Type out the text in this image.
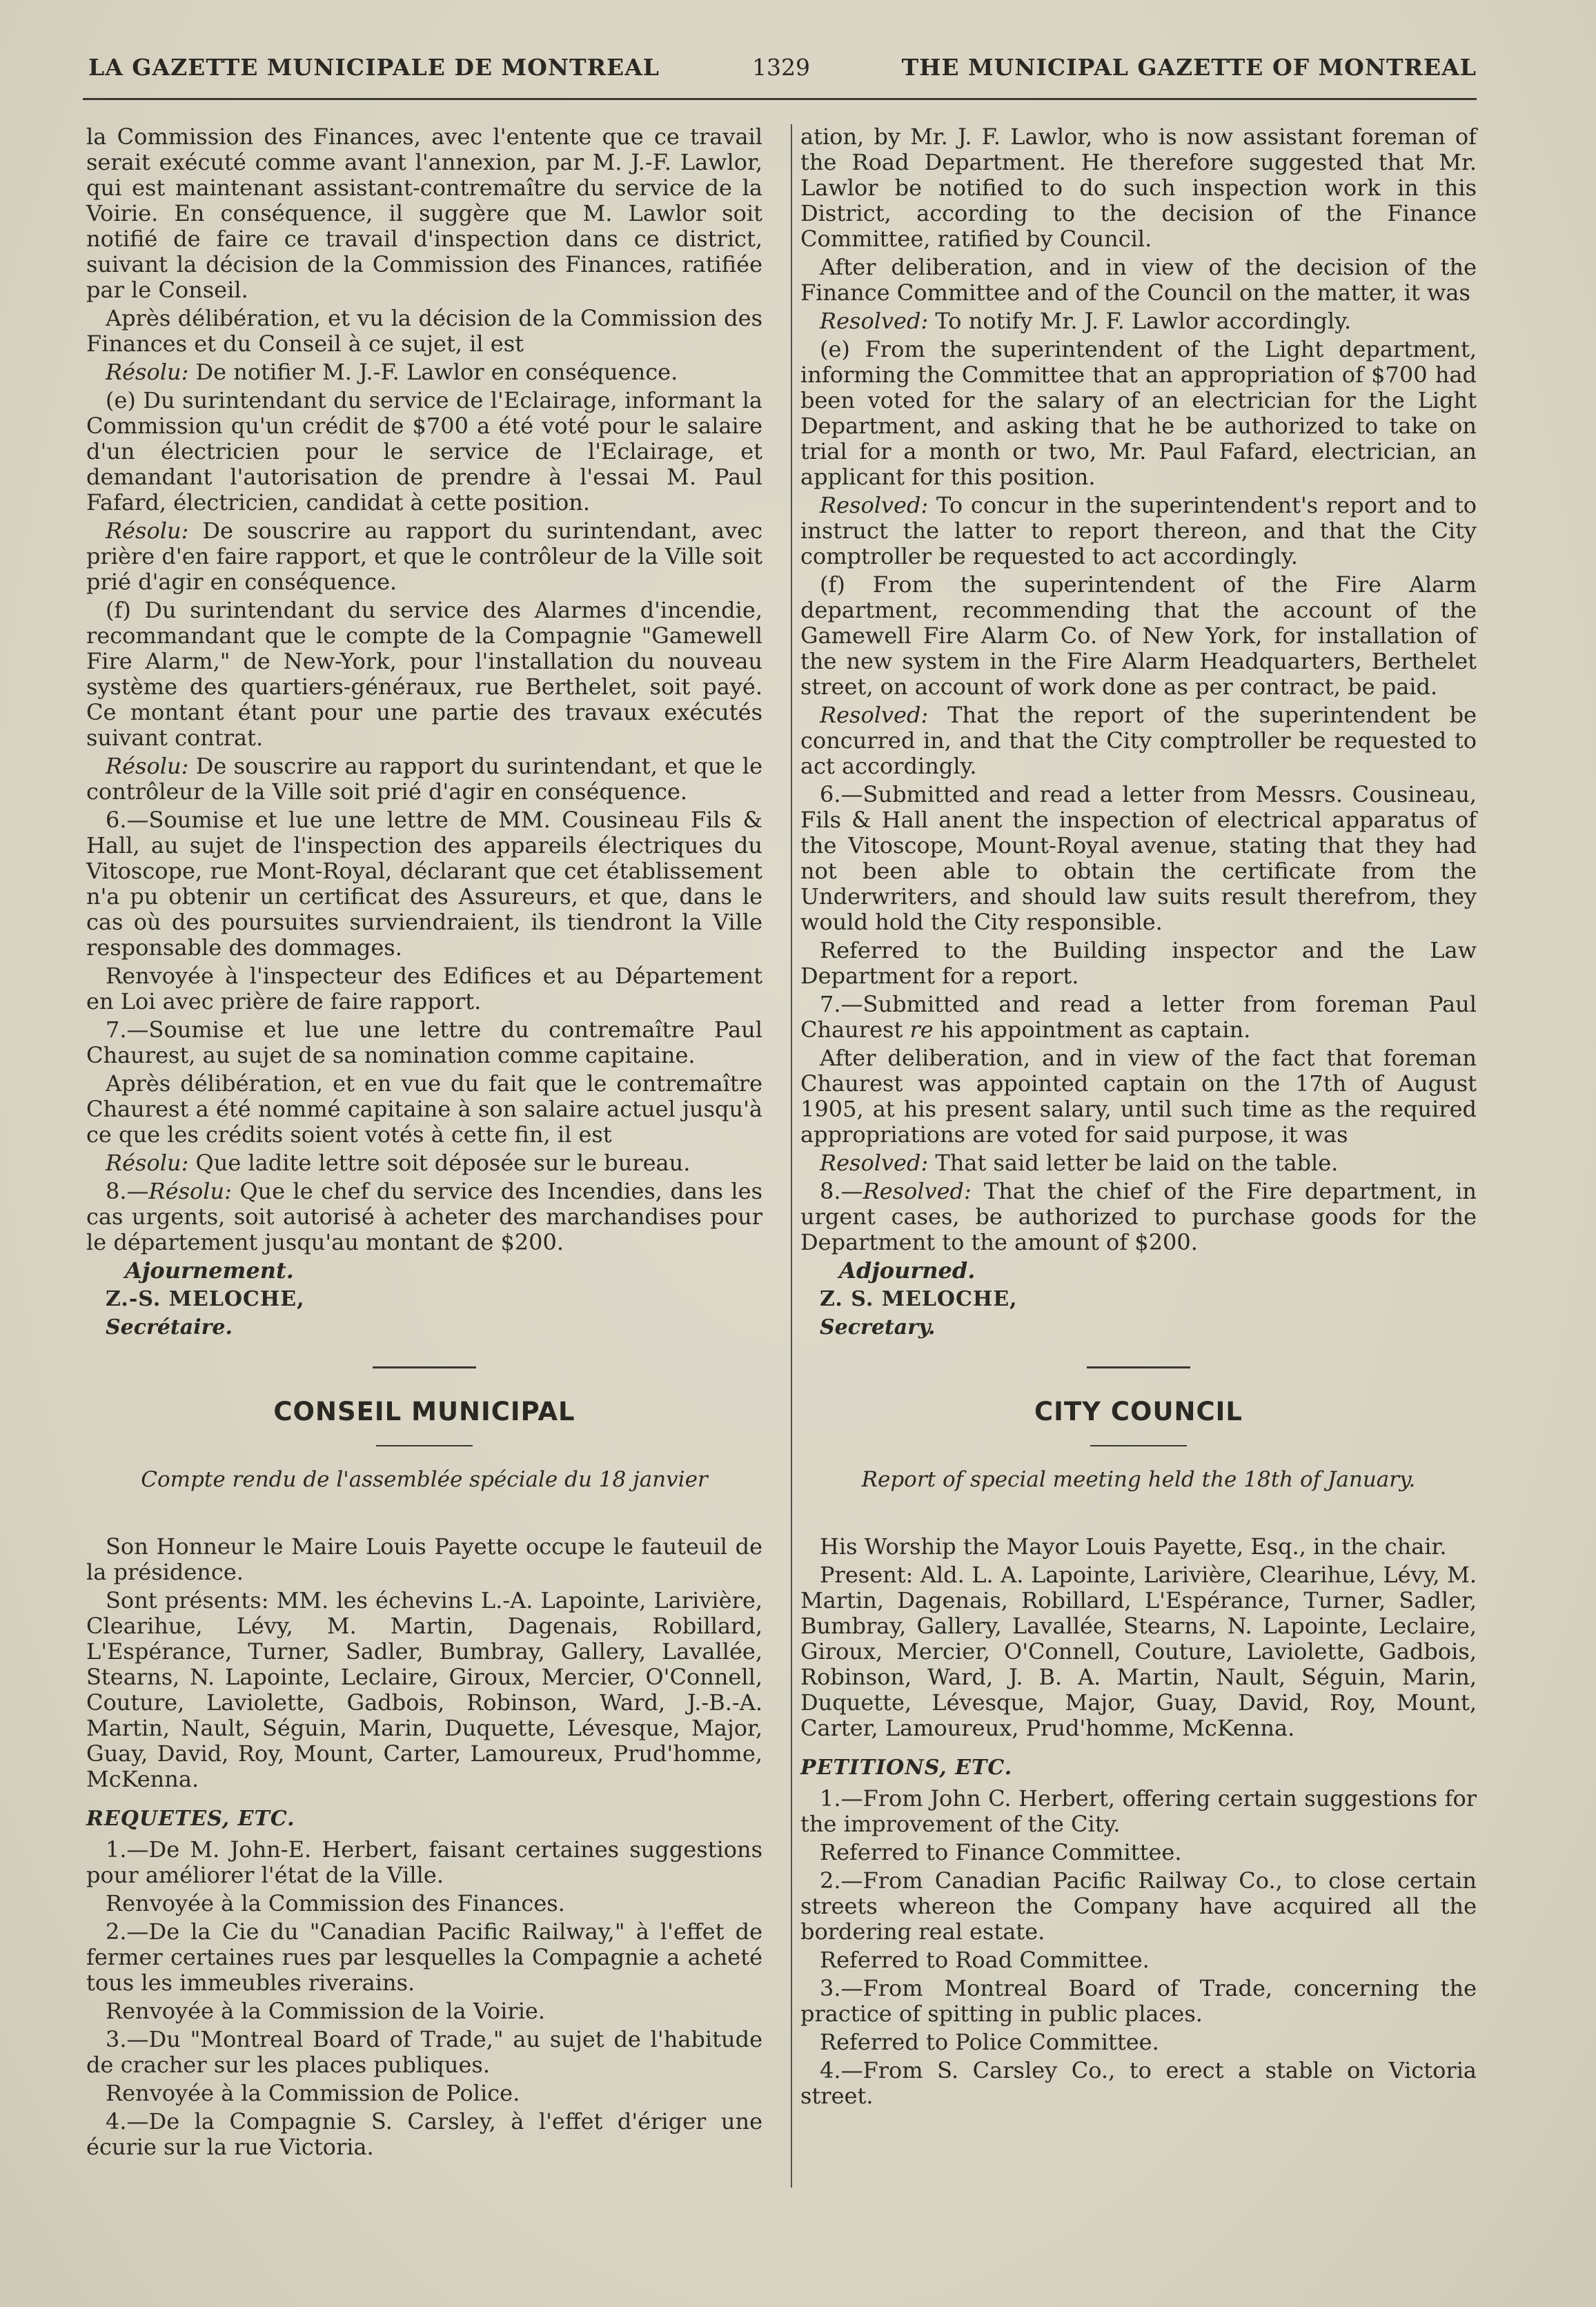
LA GAZETTE MUNICIPALE DE MONTREAL	1329	THE MUNICIPAL GAZETTE OF MONTREAL

la Commission des Finances, avec l'entente que ce travail serait exécuté comme avant l'annexion, par M. J.-F. Lawlor, qui est maintenant assistant-contremaître du service de la Voirie. En conséquence, il suggère que M. Lawlor soit notifié de faire ce travail d'inspection dans ce district, suivant la décision de la Commission des Finances, ratifiée par le Conseil.

Après délibération, et vu la décision de la Commission des Finances et du Conseil à ce sujet, il est

Résolu: De notifier M. J.-F. Lawlor en conséquence.

(e) Du surintendant du service de l'Eclairage, informant la Commission qu'un crédit de $700 a été voté pour le salaire d'un électricien pour le service de l'Eclairage, et demandant l'autorisation de prendre à l'essai M. Paul Fafard, électricien, candidat à cette position.

Résolu: De souscrire au rapport du surintendant, avec prière d'en faire rapport, et que le contrôleur de la Ville soit prié d'agir en conséquence.

(f) Du surintendant du service des Alarmes d'incendie, recommandant que le compte de la Compagnie "Gamewell Fire Alarm," de New-York, pour l'installation du nouveau système des quartiers-généraux, rue Berthelet, soit payé. Ce montant étant pour une partie des travaux exécutés suivant contrat.

Résolu: De souscrire au rapport du surintendant, et que le contrôleur de la Ville soit prié d'agir en conséquence.

6.—Soumise et lue une lettre de MM. Cousineau Fils & Hall, au sujet de l'inspection des appareils électriques du Vitoscope, rue Mont-Royal, déclarant que cet établissement n'a pu obtenir un certificat des Assureurs, et que, dans le cas où des poursuites surviendraient, ils tiendront la Ville responsable des dommages.

Renvoyée à l'inspecteur des Edifices et au Département en Loi avec prière de faire rapport.

7.—Soumise et lue une lettre du contremaître Paul Chaurest, au sujet de sa nomination comme capitaine.

Après délibération, et en vue du fait que le contremaître Chaurest a été nommé capitaine à son salaire actuel jusqu'à ce que les crédits soient votés à cette fin, il est

Résolu: Que ladite lettre soit déposée sur le bureau.

8.—Résolu: Que le chef du service des Incendies, dans les cas urgents, soit autorisé à acheter des marchandises pour le département jusqu'au montant de $200.

Ajournement.

Z.-S. MELOCHE,

Secrétaire.

CONSEIL MUNICIPAL
Compte rendu de l'assemblée spéciale du 18 janvier

Son Honneur le Maire Louis Payette occupe le fauteuil de la présidence.

Sont présents: MM. les échevins L.-A. Lapointe, Larivière, Clearihue, Lévy, M. Martin, Dagenais, Robillard, L'Espérance, Turner, Sadler, Bumbray, Gallery, Lavallée, Stearns, N. Lapointe, Leclaire, Giroux, Mercier, O'Connell, Couture, Laviolette, Gadbois, Robinson, Ward, J.-B.-A. Martin, Nault, Séguin, Marin, Duquette, Lévesque, Major, Guay, David, Roy, Mount, Carter, Lamoureux, Prud'homme, McKenna.

REQUETES, ETC.

1.—De M. John-E. Herbert, faisant certaines suggestions pour améliorer l'état de la Ville.

Renvoyée à la Commission des Finances.

2.—De la Cie du "Canadian Pacific Railway," à l'effet de fermer certaines rues par lesquelles la Compagnie a acheté tous les immeubles riverains.

Renvoyée à la Commission de la Voirie.

3.—Du "Montreal Board of Trade," au sujet de l'habitude de cracher sur les places publiques.

Renvoyée à la Commission de Police.

4.—De la Compagnie S. Carsley, à l'effet d'ériger une écurie sur la rue Victoria.

ation, by Mr. J. F. Lawlor, who is now assistant foreman of the Road Department. He therefore suggested that Mr. Lawlor be notified to do such inspection work in this District, according to the decision of the Finance Committee, ratified by Council.

After deliberation, and in view of the decision of the Finance Committee and of the Council on the matter, it was

Resolved: To notify Mr. J. F. Lawlor accordingly.

(e) From the superintendent of the Light department, informing the Committee that an appropriation of $700 had been voted for the salary of an electrician for the Light Department, and asking that he be authorized to take on trial for a month or two, Mr. Paul Fafard, electrician, an applicant for this position.

Resolved: To concur in the superintendent's report and to instruct the latter to report thereon, and that the City comptroller be requested to act accordingly.

(f) From the superintendent of the Fire Alarm department, recommending that the account of the Gamewell Fire Alarm Co. of New York, for installation of the new system in the Fire Alarm Headquarters, Berthelet street, on account of work done as per contract, be paid.

Resolved: That the report of the superintendent be concurred in, and that the City comptroller be requested to act accordingly.

6.—Submitted and read a letter from Messrs. Cousineau, Fils & Hall anent the inspection of electrical apparatus of the Vitoscope, Mount-Royal avenue, stating that they had not been able to obtain the certificate from the Underwriters, and should law suits result therefrom, they would hold the City responsible.

Referred to the Building inspector and the Law Department for a report.

7.—Submitted and read a letter from foreman Paul Chaurest re his appointment as captain.

After deliberation, and in view of the fact that foreman Chaurest was appointed captain on the 17th of August 1905, at his present salary, until such time as the required appropriations are voted for said purpose, it was

Resolved: That said letter be laid on the table.

8.—Resolved: That the chief of the Fire department, in urgent cases, be authorized to purchase goods for the Department to the amount of $200.

Adjourned.

Z. S. MELOCHE,

Secretary.

CITY COUNCIL
Report of special meeting held the 18th of January.

His Worship the Mayor Louis Payette, Esq., in the chair.

Present: Ald. L. A. Lapointe, Larivière, Clearihue, Lévy, M. Martin, Dagenais, Robillard, L'Espérance, Turner, Sadler, Bumbray, Gallery, Lavallée, Stearns, N. Lapointe, Leclaire, Giroux, Mercier, O'Connell, Couture, Laviolette, Gadbois, Robinson, Ward, J. B. A. Martin, Nault, Séguin, Marin, Duquette, Lévesque, Major, Guay, David, Roy, Mount, Carter, Lamoureux, Prud'homme, McKenna.

PETITIONS, ETC.

1.—From John C. Herbert, offering certain suggestions for the improvement of the City.

Referred to Finance Committee.

2.—From Canadian Pacific Railway Co., to close certain streets whereon the Company have acquired all the bordering real estate.

Referred to Road Committee.

3.—From Montreal Board of Trade, concerning the practice of spitting in public places.

Referred to Police Committee.

4.—From S. Carsley Co., to erect a stable on Victoria street.
